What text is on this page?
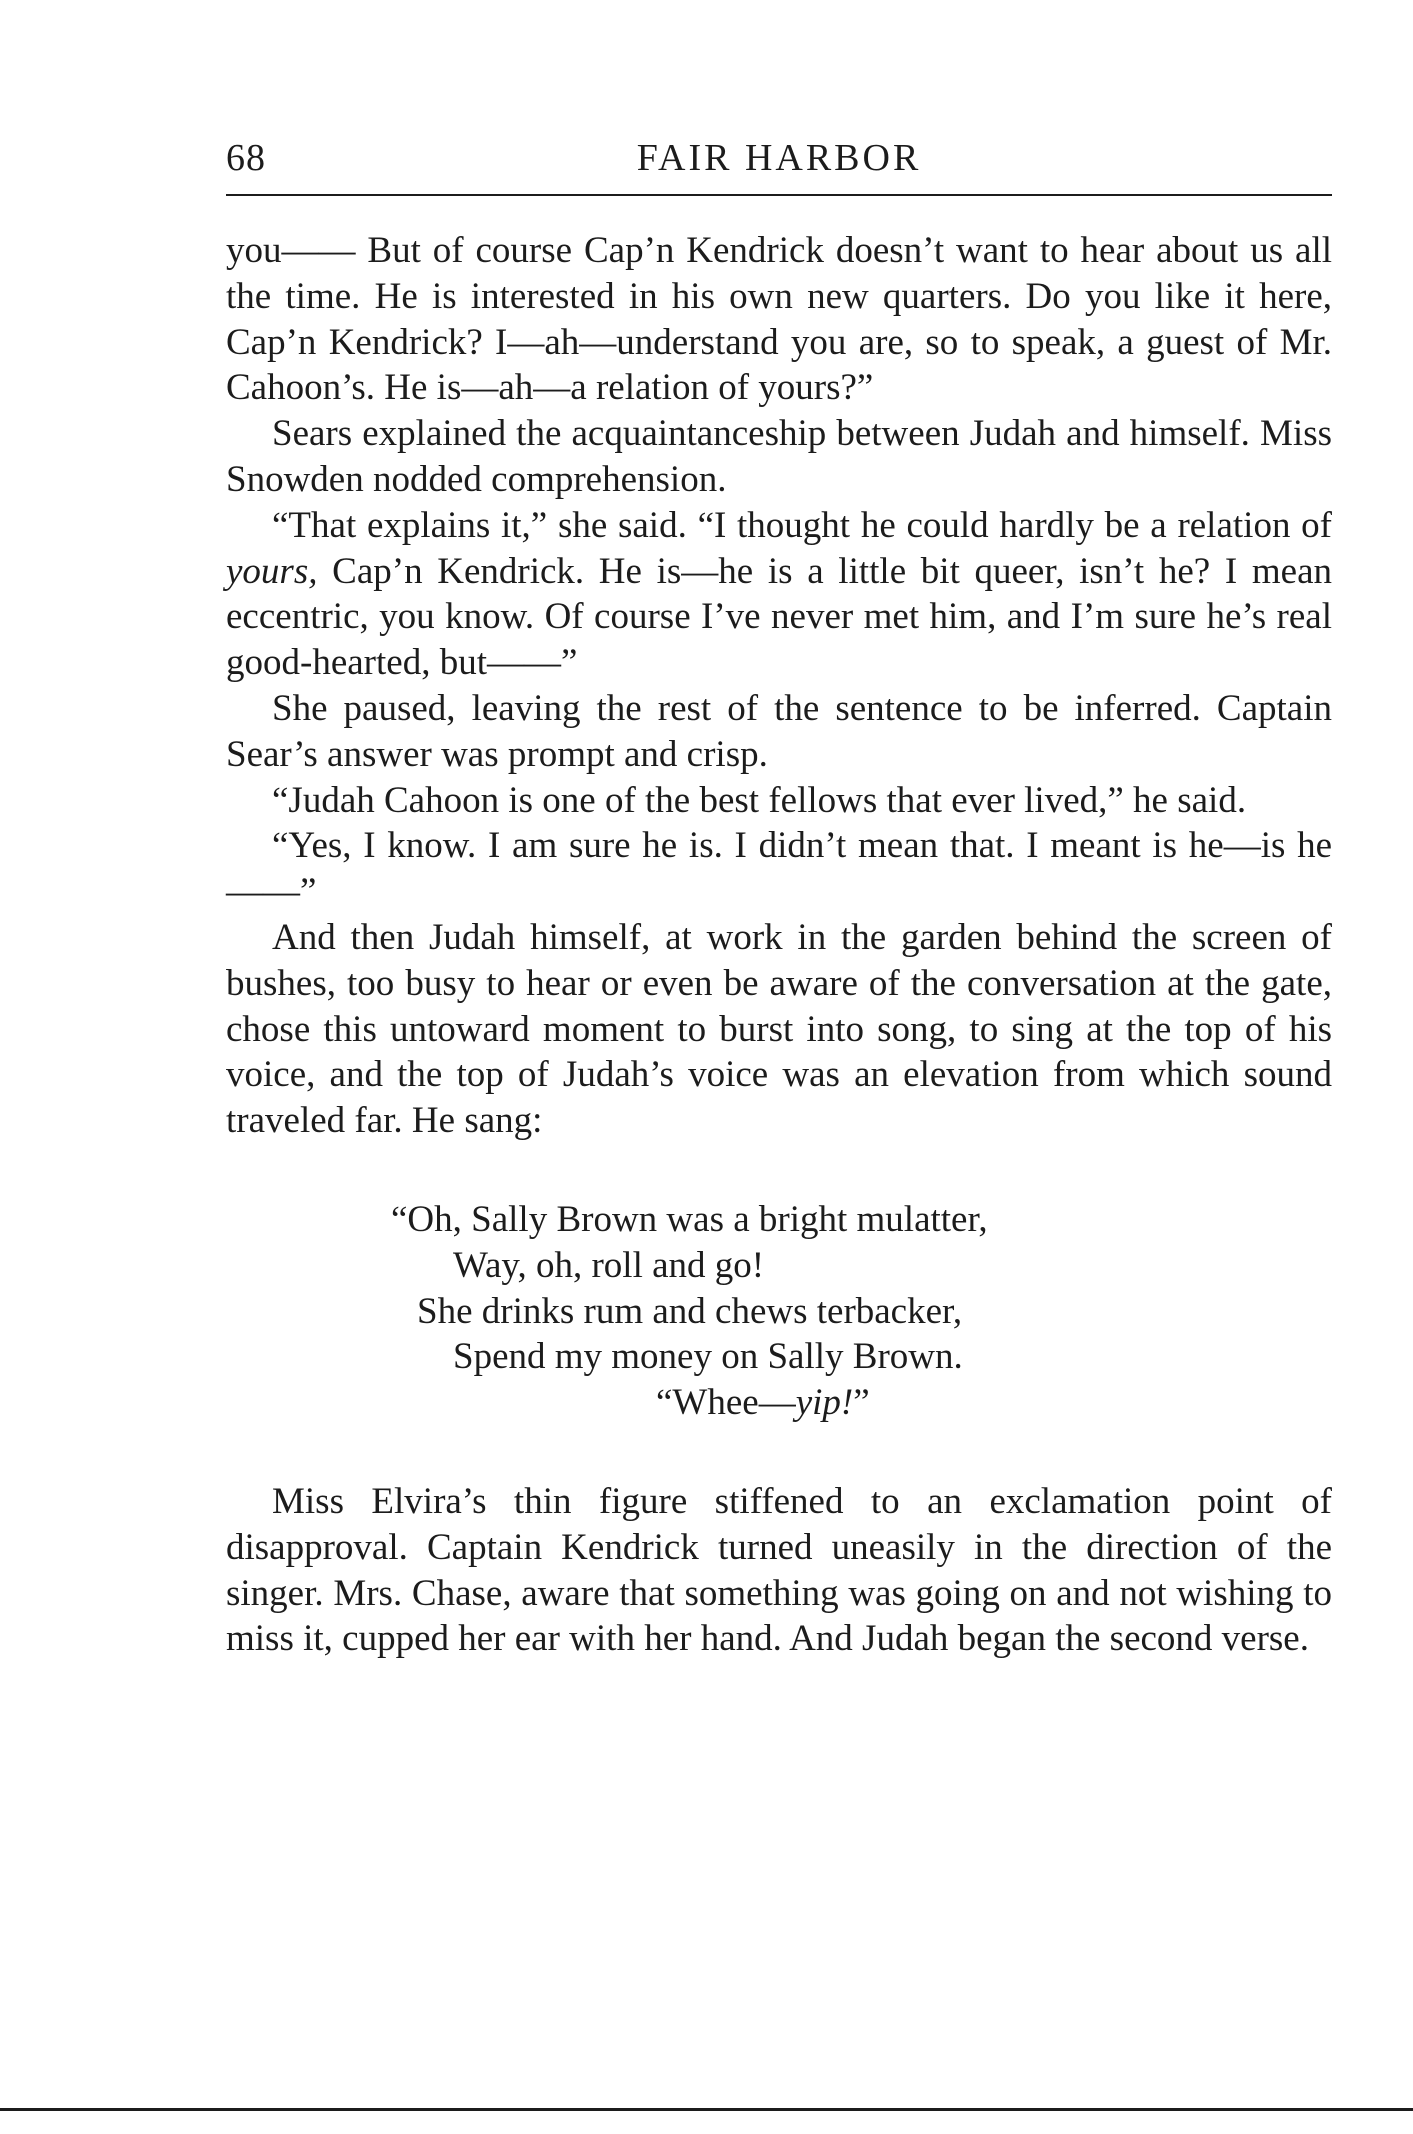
68	FAIR HARBOR

you—— But of course Cap’n Kendrick doesn’t want to hear about us all the time. He is interested in his own new quarters. Do you like it here, Cap’n Kendrick? I—ah—understand you are, so to speak, a guest of Mr. Cahoon’s. He is—ah—a relation of yours?”

Sears explained the acquaintanceship between Judah and himself. Miss Snowden nodded comprehension.

“That explains it,” she said. “I thought he could hardly be a relation of yours, Cap’n Kendrick. He is—he is a little bit queer, isn’t he? I mean eccentric, you know. Of course I’ve never met him, and I’m sure he’s real good-hearted, but——”

She paused, leaving the rest of the sentence to be inferred. Captain Sear’s answer was prompt and crisp.

“Judah Cahoon is one of the best fellows that ever lived,” he said.

“Yes, I know. I am sure he is. I didn’t mean that. I meant is he—is he——”

And then Judah himself, at work in the garden behind the screen of bushes, too busy to hear or even be aware of the conversation at the gate, chose this untoward moment to burst into song, to sing at the top of his voice, and the top of Judah’s voice was an elevation from which sound traveled far. He sang:

“Oh, Sally Brown was a bright mulatter,
Way, oh, roll and go!
She drinks rum and chews terbacker,
Spend my money on Sally Brown.
“Whee—yip!”

Miss Elvira’s thin figure stiffened to an exclamation point of disapproval. Captain Kendrick turned uneasily in the direction of the singer. Mrs. Chase, aware that something was going on and not wishing to miss it, cupped her ear with her hand. And Judah began the second verse.
